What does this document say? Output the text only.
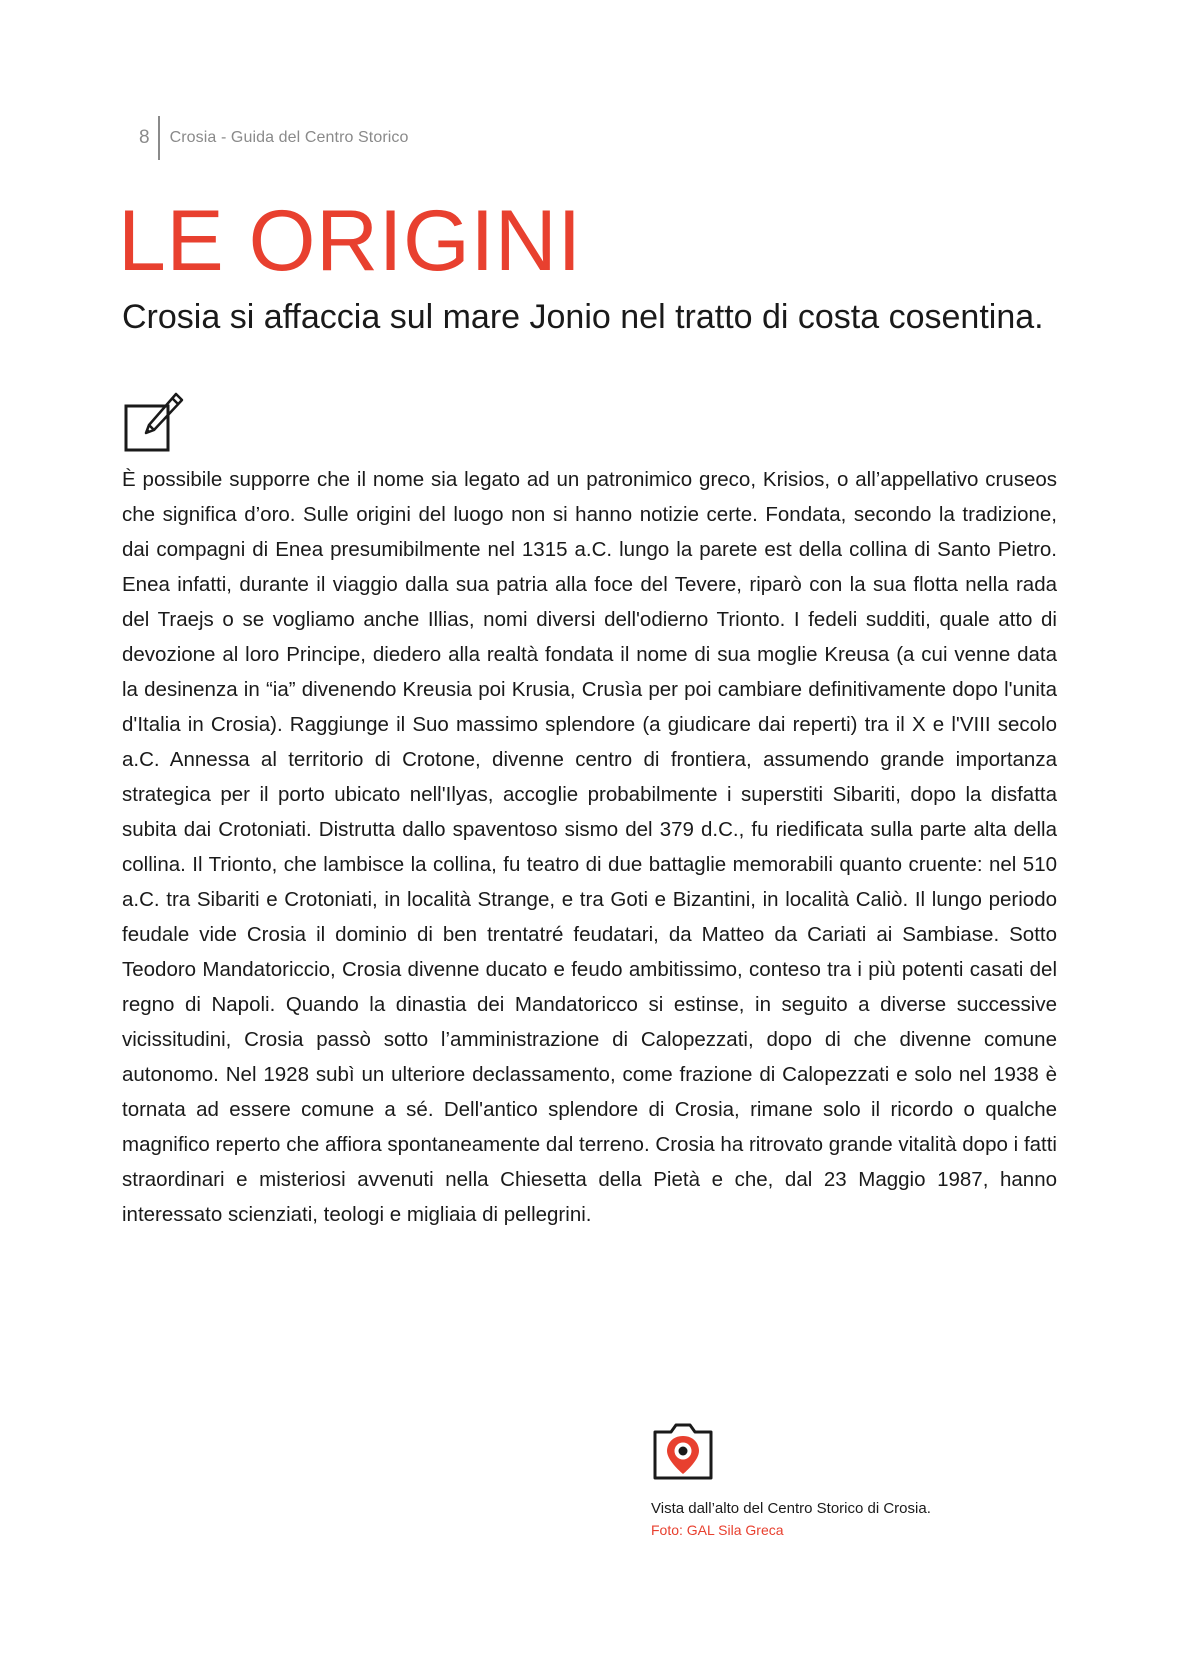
8	Crosia - Guida del Centro Storico
LE ORIGINI
Crosia si affaccia sul mare Jonio nel tratto di costa cosentina.

È possibile supporre che il nome sia legato ad un patronimico greco, Krisios, o all’appellativo cruseos che significa d’oro. Sulle origini del luogo non si hanno notizie certe. Fondata, secondo la tradizione, dai compagni di Enea presumibilmente nel 1315 a.C. lungo la parete est della collina di Santo Pietro. Enea infatti, durante il viaggio dalla sua patria alla foce del Tevere, riparò con la sua flotta nella rada del Traejs o se vogliamo anche Illias, nomi diversi dell'odierno Trionto. I fedeli sudditi, quale atto di devozione al loro Principe, diedero alla realtà fondata il nome di sua moglie Kreusa (a cui venne data la desinenza in “ia” divenendo Kreusia poi Krusia, Crusìa per poi cambiare definitivamente dopo l'unita d'Italia in Crosia). Raggiunge il Suo massimo splendore (a giudicare dai reperti) tra il X e l'VIII secolo a.C. Annessa al territorio di Crotone, divenne centro di frontiera, assumendo grande importanza strategica per il porto ubicato nell'Ilyas, accoglie probabilmente i superstiti Sibariti, dopo la disfatta subita dai Crotoniati. Distrutta dallo spaventoso sismo del 379 d.C., fu riedificata sulla parte alta della collina. Il Trionto, che lambisce la collina, fu teatro di due battaglie memorabili quanto cruente: nel 510 a.C. tra Sibariti e Crotoniati, in località Strange, e tra Goti e Bizantini, in località Caliò. Il lungo periodo feudale vide Crosia il dominio di ben trentatré feudatari, da Matteo da Cariati ai Sambiase. Sotto Teodoro Mandatoriccio, Crosia divenne ducato e feudo ambitissimo, conteso tra i più potenti casati del regno di Napoli. Quando la dinastia dei Mandatoricco si estinse, in seguito a diverse successive vicissitudini, Crosia passò sotto l’amministrazione di Calopezzati, dopo di che divenne comune autonomo. Nel 1928 subì un ulteriore declassamento, come frazione di Calopezzati e solo nel 1938 è tornata ad essere comune a sé. Dell'antico splendore di Crosia, rimane solo il ricordo o qualche magnifico reperto che affiora spontaneamente dal terreno. Crosia ha ritrovato grande vitalità dopo i fatti straordinari e misteriosi avvenuti nella Chiesetta della Pietà e che, dal 23 Maggio 1987, hanno interessato scienziati, teologi e migliaia di pellegrini.

Vista dall’alto del Centro Storico di Crosia.
Foto: GAL Sila Greca
